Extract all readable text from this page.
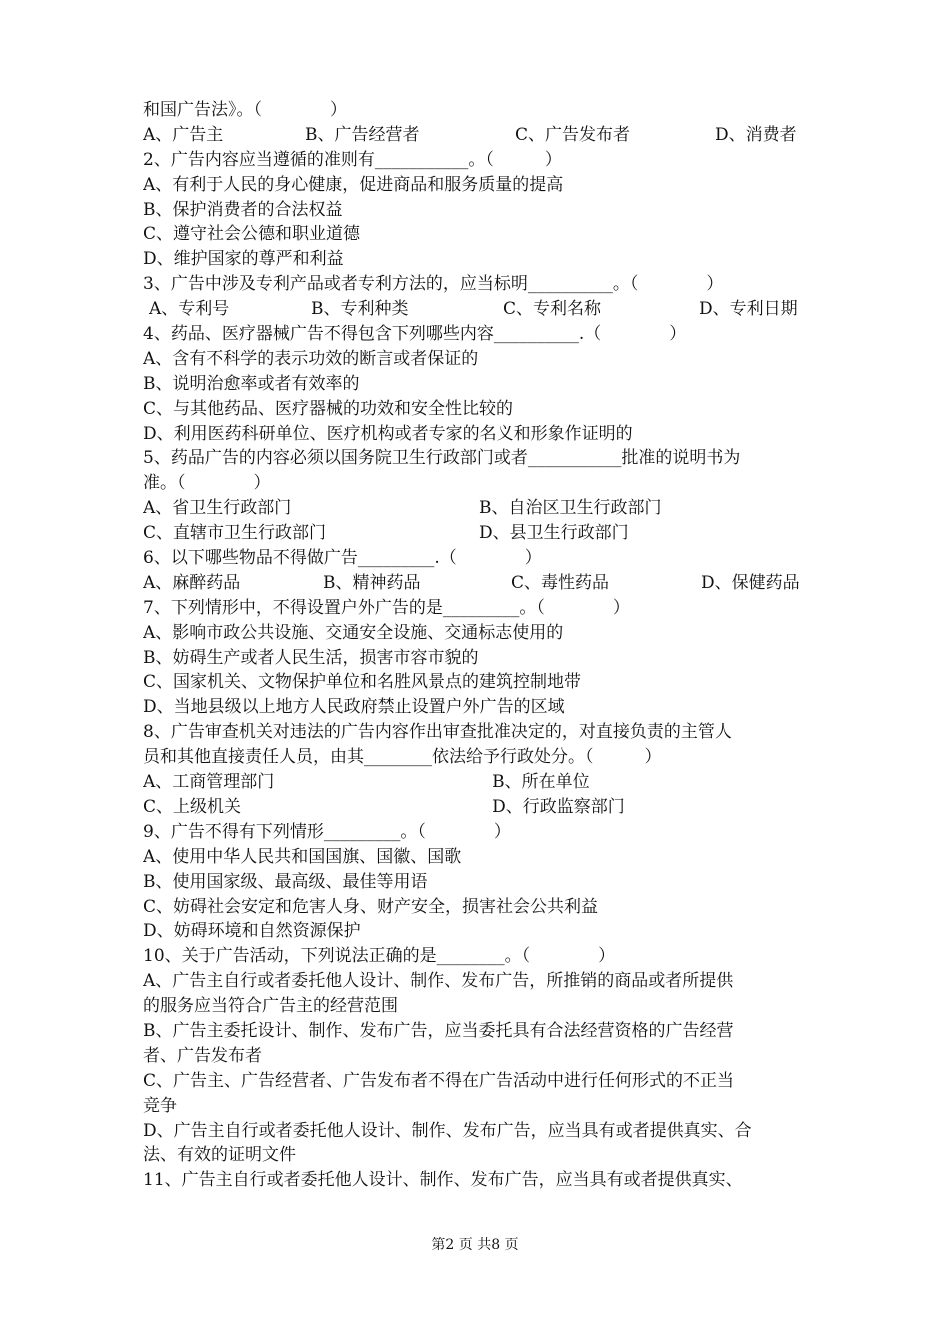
和国广告法》。（　　　　）
A、广告主	B、广告经营者	C、广告发布者	D、消费者
2、广告内容应当遵循的准则有___________。（　　　）
A、有利于人民的身心健康，促进商品和服务质量的提高
B、保护消费者的合法权益
C、遵守社会公德和职业道德
D、维护国家的尊严和利益
3、广告中涉及专利产品或者专利方法的，应当标明__________。（　　　　）
A、专利号	B、专利种类	C、专利名称	D、专利日期
4、药品、医疗器械广告不得包含下列哪些内容__________.（　　　　）
A、含有不科学的表示功效的断言或者保证的
B、说明治愈率或者有效率的
C、与其他药品、医疗器械的功效和安全性比较的
D、利用医药科研单位、医疗机构或者专家的名义和形象作证明的
5、药品广告的内容必须以国务院卫生行政部门或者___________批准的说明书为
准。（　　　　）
A、省卫生行政部门	B、自治区卫生行政部门
C、直辖市卫生行政部门	D、县卫生行政部门
6、以下哪些物品不得做广告_________.（　　　　）
A、麻醉药品	B、精神药品	C、毒性药品	D、保健药品
7、下列情形中，不得设置户外广告的是_________。（　　　　）
A、影响市政公共设施、交通安全设施、交通标志使用的
B、妨碍生产或者人民生活，损害市容市貌的
C、国家机关、文物保护单位和名胜风景点的建筑控制地带
D、当地县级以上地方人民政府禁止设置户外广告的区域
8、广告审查机关对违法的广告内容作出审查批准决定的，对直接负责的主管人
员和其他直接责任人员，由其________依法给予行政处分。（　　　）
A、工商管理部门	B、所在单位
C、上级机关	D、行政监察部门
9、广告不得有下列情形_________。（　　　　）
A、使用中华人民共和国国旗、国徽、国歌
B、使用国家级、最高级、最佳等用语
C、妨碍社会安定和危害人身、财产安全，损害社会公共利益
D、妨碍环境和自然资源保护
10、关于广告活动，下列说法正确的是________。（　　　　）
A、广告主自行或者委托他人设计、制作、发布广告，所推销的商品或者所提供
的服务应当符合广告主的经营范围
B、广告主委托设计、制作、发布广告，应当委托具有合法经营资格的广告经营
者、广告发布者
C、广告主、广告经营者、广告发布者不得在广告活动中进行任何形式的不正当
竞争
D、广告主自行或者委托他人设计、制作、发布广告，应当具有或者提供真实、合
法、有效的证明文件
11、广告主自行或者委托他人设计、制作、发布广告，应当具有或者提供真实、
第2 页 共8 页
